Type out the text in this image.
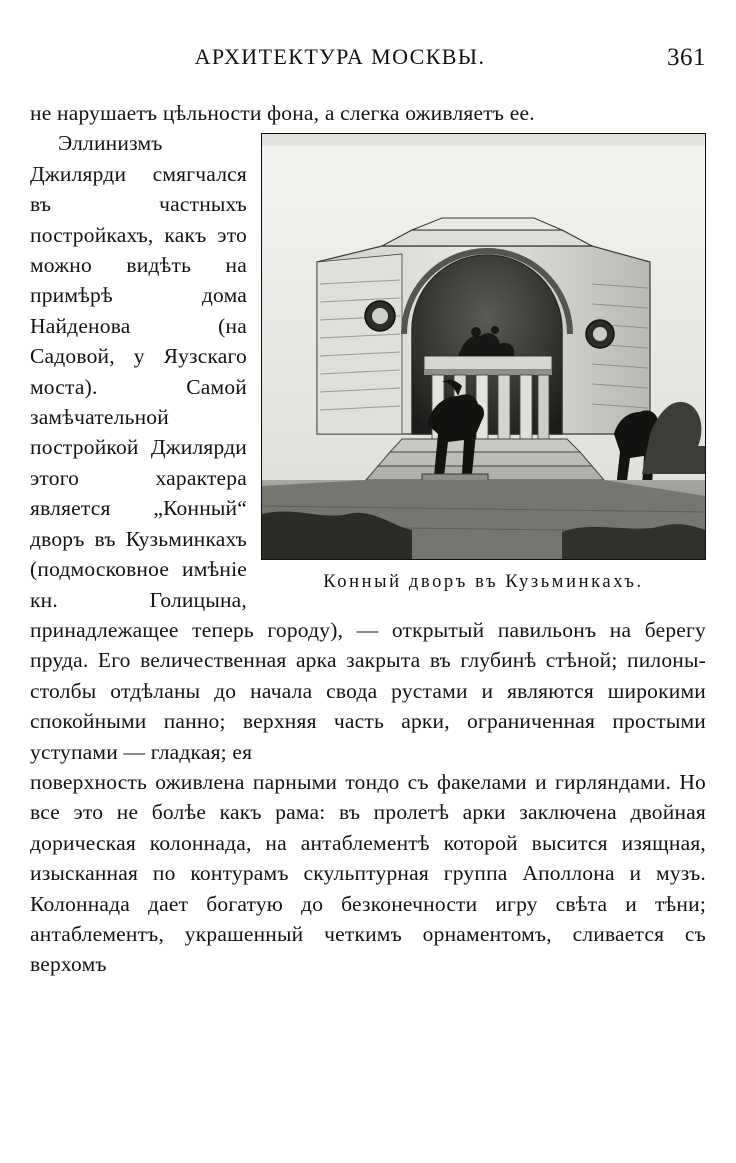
АРХИТЕКТУРА МОСКВЫ.	361

не нарушаетъ цѣльности фона, а слегка оживляетъ ее.

Конный дворъ въ Кузьминкахъ.

Эллинизмъ Джилярди смягчался въ частныхъ постройкахъ, какъ это можно видѣть на примѣрѣ дома Найденова (на Садовой, у Яузскаго моста). Самой замѣчательной постройкой Джилярди этого характера является „Конный“ дворъ въ Кузьминкахъ (подмосковное имѣніе кн. Голицына, принадлежащее теперь городу), — открытый павильонъ на берегу пруда. Его величественная арка закрыта въ глубинѣ стѣной; пилоны-столбы отдѣланы до начала свода рустами и являются широкими спокойными панно; верхняя часть арки, ограниченная простыми уступами — гладкая; ея

поверхность оживлена парными тондо съ факелами и гирляндами. Но все это не болѣе какъ рама: въ пролетѣ арки заключена двойная дорическая колоннада, на антаблементѣ которой высится изящная, изысканная по контурамъ скульптурная группа Аполлона и музъ. Колоннада дает богатую до безконечности игру свѣта и тѣни; антаблементъ, украшенный четкимъ орнаментомъ, сливается съ верхомъ
